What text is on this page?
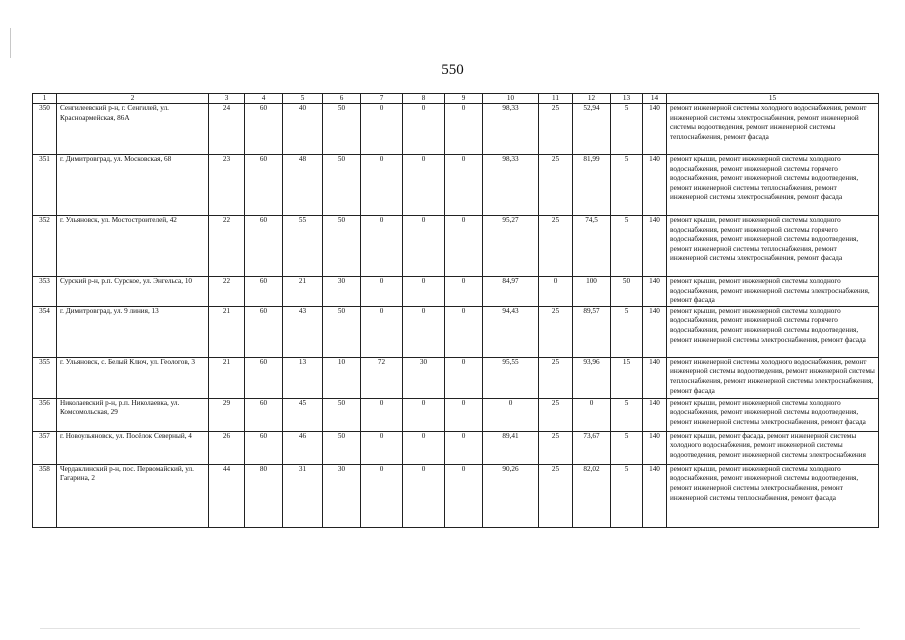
550
1	2	3	4	5	6	7	8	9	10	11	12	13	14	15
350	Сенгилеевский р-н, г. Сенгилей, ул. Красноармейская, 86А	24	60	40	50	0	0	0	98,33	25	52,94	5	140	ремонт инженерной системы холодного водоснабжения, ремонт инженерной системы электроснабжения, ремонт инженерной системы водоотведения, ремонт инженерной системы теплоснабжения, ремонт фасада
351	г. Димитровград, ул. Московская, 68	23	60	48	50	0	0	0	98,33	25	81,99	5	140	ремонт крыши, ремонт инженерной системы холодного водоснабжения, ремонт инженерной системы горячего водоснабжения, ремонт инженерной системы водоотведения, ремонт инженерной системы теплоснабжения, ремонт инженерной системы электроснабжения, ремонт фасада
352	г. Ульяновск, ул. Мостостроителей, 42	22	60	55	50	0	0	0	95,27	25	74,5	5	140	ремонт крыши, ремонт инженерной системы холодного водоснабжения, ремонт инженерной системы горячего водоснабжения, ремонт инженерной системы водоотведения, ремонт инженерной системы теплоснабжения, ремонт инженерной системы электроснабжения, ремонт фасада
353	Сурский р-н, р.п. Сурское, ул. Энгельса, 10	22	60	21	30	0	0	0	84,97	0	100	50	140	ремонт крыши, ремонт инженерной системы холодного водоснабжения, ремонт инженерной системы электроснабжения, ремонт фасада
354	г. Димитровград, ул. 9 линия, 13	21	60	43	50	0	0	0	94,43	25	89,57	5	140	ремонт крыши, ремонт инженерной системы холодного водоснабжения, ремонт инженерной системы горячего водоснабжения, ремонт инженерной системы водоотведения, ремонт инженерной системы электроснабжения, ремонт фасада
355	г. Ульяновск, с. Белый Ключ, ул. Геологов, 3	21	60	13	10	72	30	0	95,55	25	93,96	15	140	ремонт инженерной системы холодного водоснабжения, ремонт инженерной системы водоотведения, ремонт инженерной системы теплоснабжения, ремонт инженерной системы электроснабжения, ремонт фасада
356	Николаевский р-н, р.п. Николаевка, ул. Комсомольская, 29	29	60	45	50	0	0	0	0	25	0	5	140	ремонт крыши, ремонт инженерной системы холодного водоснабжения, ремонт инженерной системы водоотведения, ремонт инженерной системы электроснабжения, ремонт фасада
357	г. Новоульяновск, ул. Посёлок Северный, 4	26	60	46	50	0	0	0	89,41	25	73,67	5	140	ремонт крыши, ремонт фасада, ремонт инженерной системы холодного водоснабжения, ремонт инженерной системы водоотведения, ремонт инженерной системы электроснабжения
358	Чердаклинский р-н, пос. Первомайский, ул. Гагарина, 2	44	80	31	30	0	0	0	90,26	25	82,02	5	140	ремонт крыши, ремонт инженерной системы холодного водоснабжения, ремонт инженерной системы водоотведения, ремонт инженерной системы электроснабжения, ремонт инженерной системы теплоснабжения, ремонт фасада
